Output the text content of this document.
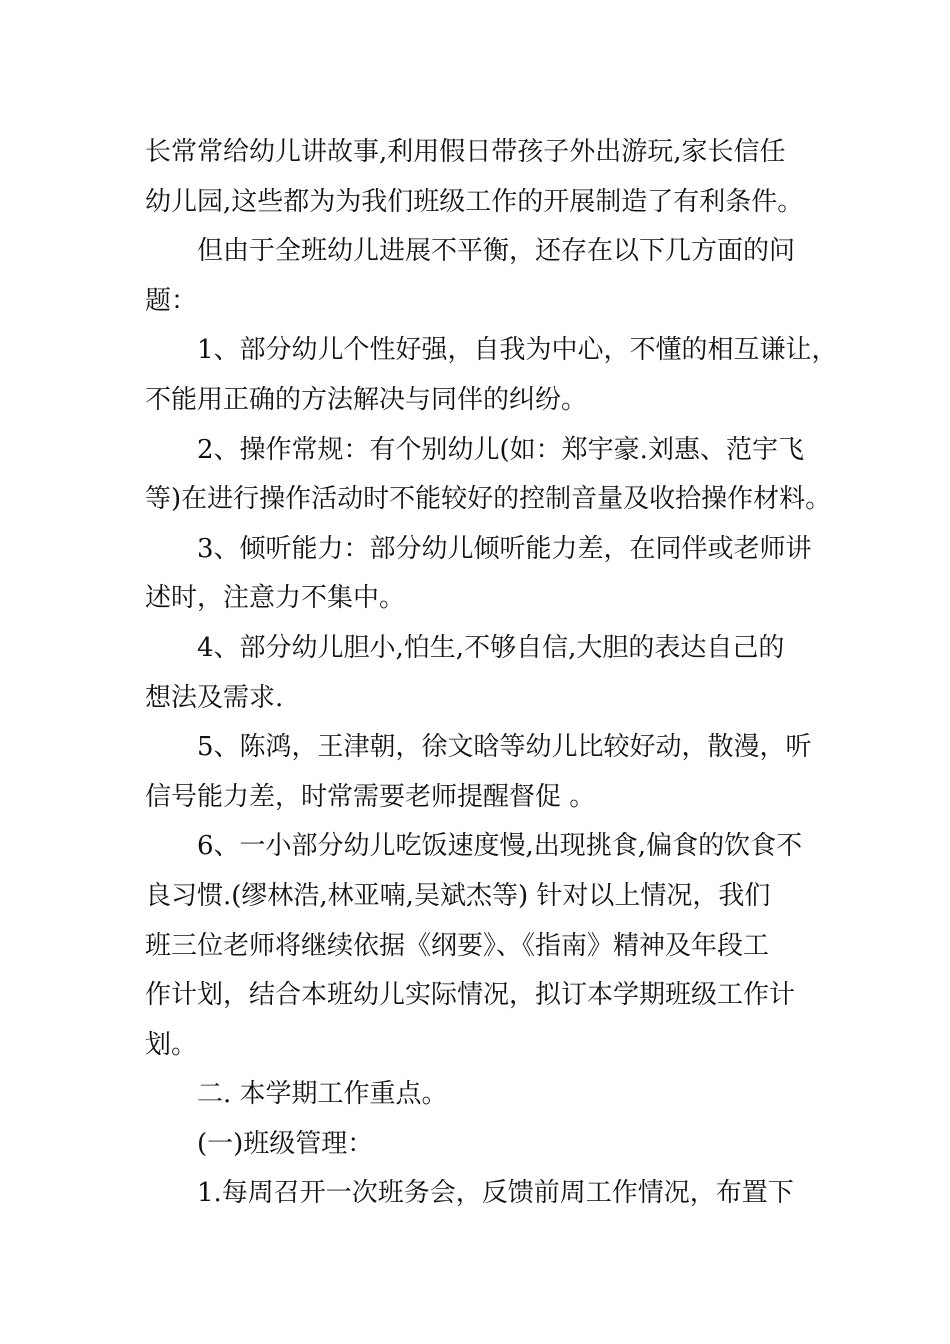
长常常给幼儿讲故事,利用假日带孩子外出游玩,家长信任
幼儿园,这些都为为我们班级工作的开展制造了有利条件。
但由于全班幼儿进展不平衡，还存在以下几方面的问
题：
1、部分幼儿个性好强，自我为中心，不懂的相互谦让，
不能用正确的方法解决与同伴的纠纷。
2、操作常规：有个别幼儿(如：郑宇豪.刘惠、范宇飞
等)在进行操作活动时不能较好的控制音量及收拾操作材料。
3、倾听能力：部分幼儿倾听能力差，在同伴或老师讲
述时，注意力不集中。
4、部分幼儿胆小,怕生,不够自信,大胆的表达自己的
想法及需求.
5、陈鸿，王津朝，徐文晗等幼儿比较好动，散漫，听
信号能力差，时常需要老师提醒督促 。
6、一小部分幼儿吃饭速度慢,出现挑食,偏食的饮食不
良习惯.(缪林浩,林亚喃,吴斌杰等) 针对以上情况，我们
班三位老师将继续依据《纲要》、《指南》精神及年段工
作计划，结合本班幼儿实际情况，拟订本学期班级工作计
划。
二. 本学期工作重点。
(一)班级管理：
1.每周召开一次班务会，反馈前周工作情况，布置下
